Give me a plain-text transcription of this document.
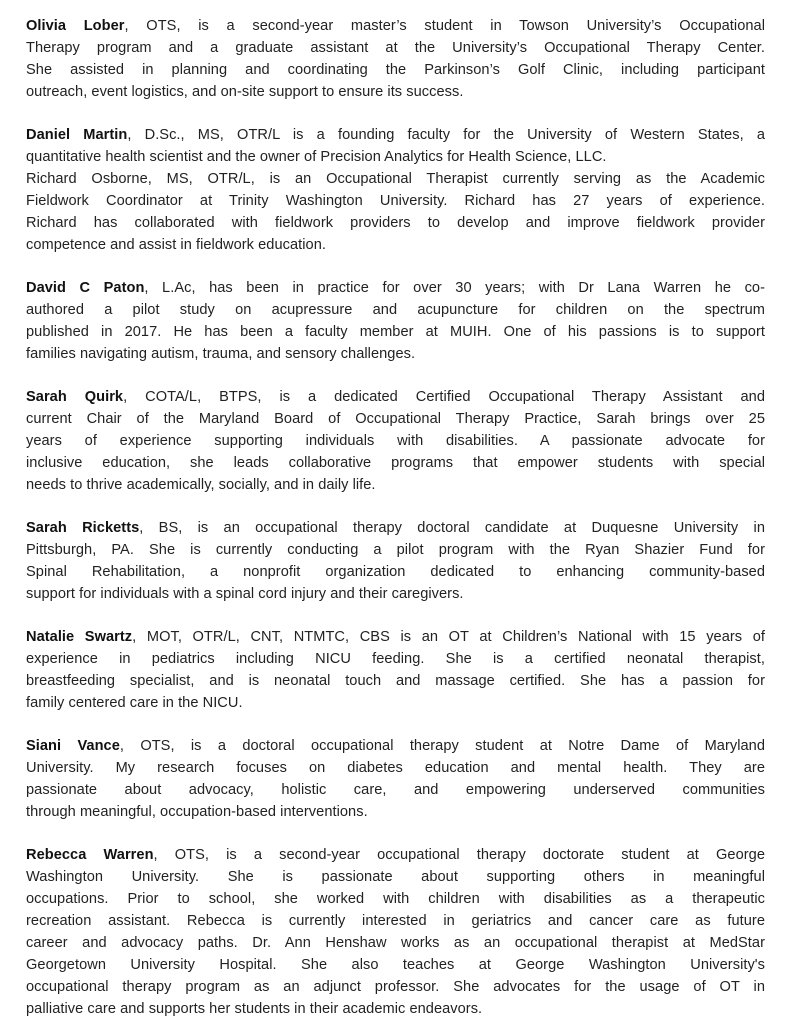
Olivia Lober, OTS, is a second-year master’s student in Towson University’s Occupational
Therapy program and a graduate assistant at the University’s Occupational Therapy Center.
She assisted in planning and coordinating the Parkinson’s Golf Clinic, including participant
outreach, event logistics, and on-site support to ensure its success.

Daniel Martin, D.Sc., MS, OTR/L is a founding faculty for the University of Western States, a
quantitative health scientist and the owner of Precision Analytics for Health Science, LLC.
Richard Osborne, MS, OTR/L, is an Occupational Therapist currently serving as the Academic
Fieldwork Coordinator at Trinity Washington University. Richard has 27 years of experience.
Richard has collaborated with fieldwork providers to develop and improve fieldwork provider
competence and assist in fieldwork education.

David C Paton, L.Ac, has been in practice for over 30 years; with Dr Lana Warren he co-
authored a pilot study on acupressure and acupuncture for children on the spectrum
published in 2017. He has been a faculty member at MUIH. One of his passions is to support
families navigating autism, trauma, and sensory challenges.

Sarah Quirk, COTA/L, BTPS, is a dedicated Certified Occupational Therapy Assistant and
current Chair of the Maryland Board of Occupational Therapy Practice, Sarah brings over 25
years of experience supporting individuals with disabilities. A passionate advocate for
inclusive education, she leads collaborative programs that empower students with special
needs to thrive academically, socially, and in daily life.

Sarah Ricketts, BS, is an occupational therapy doctoral candidate at Duquesne University in
Pittsburgh, PA. She is currently conducting a pilot program with the Ryan Shazier Fund for
Spinal Rehabilitation, a nonprofit organization dedicated to enhancing community-based
support for individuals with a spinal cord injury and their caregivers.

Natalie Swartz, MOT, OTR/L, CNT, NTMTC, CBS is an OT at Children’s National with 15 years of
experience in pediatrics including NICU feeding. She is a certified neonatal therapist,
breastfeeding specialist, and is neonatal touch and massage certified. She has a passion for
family centered care in the NICU.

Siani Vance, OTS, is a doctoral occupational therapy student at Notre Dame of Maryland
University. My research focuses on diabetes education and mental health. They are
passionate about advocacy, holistic care, and empowering underserved communities
through meaningful, occupation-based interventions.

Rebecca Warren, OTS, is a second-year occupational therapy doctorate student at George
Washington University. She is passionate about supporting others in meaningful
occupations. Prior to school, she worked with children with disabilities as a therapeutic
recreation assistant. Rebecca is currently interested in geriatrics and cancer care as future
career and advocacy paths. Dr. Ann Henshaw works as an occupational therapist at MedStar
Georgetown University Hospital. She also teaches at George Washington University's
occupational therapy program as an adjunct professor. She advocates for the usage of OT in
palliative care and supports her students in their academic endeavors.
